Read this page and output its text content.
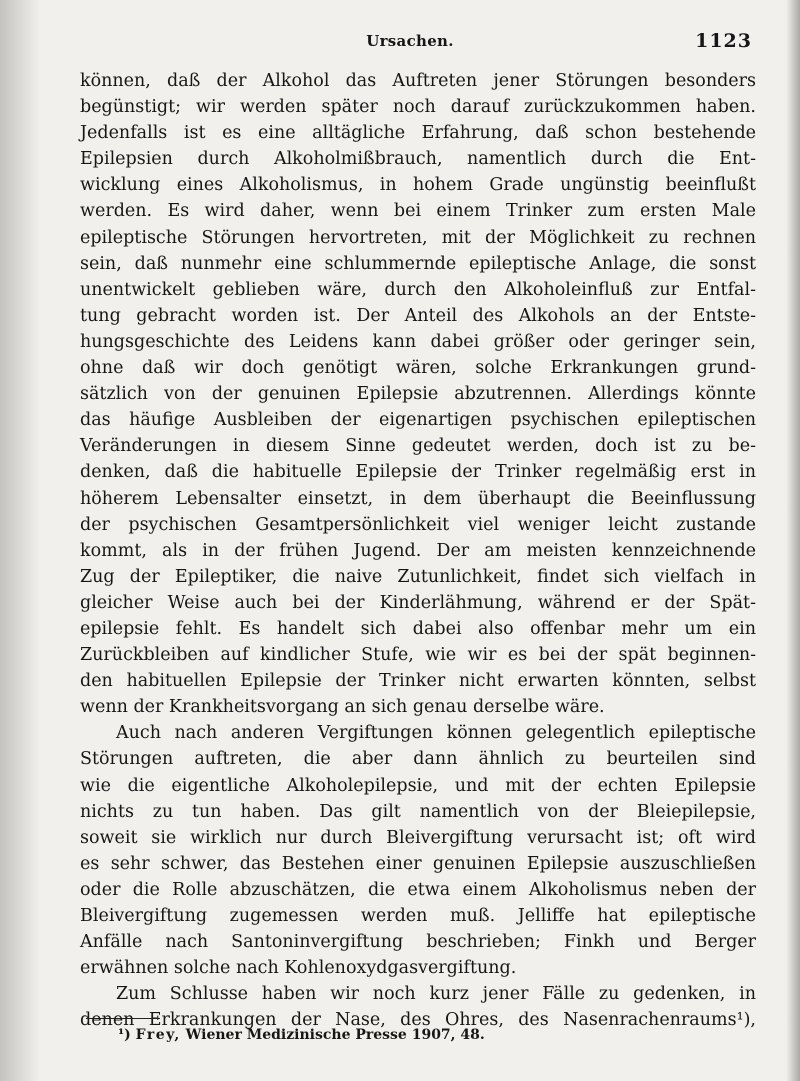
Ursachen.	1123
können, daß der Alkohol das Auftreten jener Störungen besonders
begünstigt; wir werden später noch darauf zurückzukommen haben.
Jedenfalls ist es eine alltägliche Erfahrung, daß schon bestehende
Epilepsien durch Alkoholmißbrauch, namentlich durch die Ent-
wicklung eines Alkoholismus, in hohem Grade ungünstig beeinflußt
werden. Es wird daher, wenn bei einem Trinker zum ersten Male
epileptische Störungen hervortreten, mit der Möglichkeit zu rechnen
sein, daß nunmehr eine schlummernde epileptische Anlage, die sonst
unentwickelt geblieben wäre, durch den Alkoholeinfluß zur Entfal-
tung gebracht worden ist. Der Anteil des Alkohols an der Entste-
hungsgeschichte des Leidens kann dabei größer oder geringer sein,
ohne daß wir doch genötigt wären, solche Erkrankungen grund-
sätzlich von der genuinen Epilepsie abzutrennen. Allerdings könnte
das häufige Ausbleiben der eigenartigen psychischen epileptischen
Veränderungen in diesem Sinne gedeutet werden, doch ist zu be-
denken, daß die habituelle Epilepsie der Trinker regelmäßig erst in
höherem Lebensalter einsetzt, in dem überhaupt die Beeinflussung
der psychischen Gesamtpersönlichkeit viel weniger leicht zustande
kommt, als in der frühen Jugend. Der am meisten kennzeichnende
Zug der Epileptiker, die naive Zutunlichkeit, findet sich vielfach in
gleicher Weise auch bei der Kinderlähmung, während er der Spät-
epilepsie fehlt. Es handelt sich dabei also offenbar mehr um ein
Zurückbleiben auf kindlicher Stufe, wie wir es bei der spät beginnen-
den habituellen Epilepsie der Trinker nicht erwarten könnten, selbst
wenn der Krankheitsvorgang an sich genau derselbe wäre.
Auch nach anderen Vergiftungen können gelegentlich epileptische
Störungen auftreten, die aber dann ähnlich zu beurteilen sind
wie die eigentliche Alkoholepilepsie, und mit der echten Epilepsie
nichts zu tun haben. Das gilt namentlich von der Bleiepilepsie,
soweit sie wirklich nur durch Bleivergiftung verursacht ist; oft wird
es sehr schwer, das Bestehen einer genuinen Epilepsie auszuschließen
oder die Rolle abzuschätzen, die etwa einem Alkoholismus neben der
Bleivergiftung zugemessen werden muß. Jelliffe hat epileptische
Anfälle nach Santoninvergiftung beschrieben; Finkh und Berger
erwähnen solche nach Kohlenoxydgasvergiftung.
Zum Schlusse haben wir noch kurz jener Fälle zu gedenken, in
denen Erkrankungen der Nase, des Ohres, des Nasenrachenraums¹),
¹) Frey, Wiener Medizinische Presse 1907, 48.
